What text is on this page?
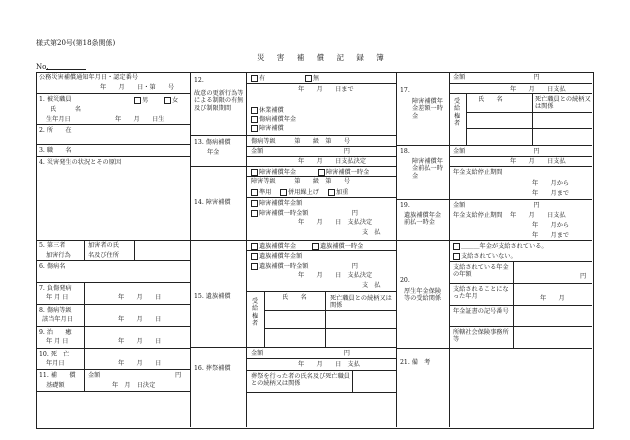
様式第20号(第18条関係)
災 害 補 償 記 録 簿
No.
公務災害補償通知年月日・認定番号
年　　月　　日・第　　号
1. 被災職員
氏　　　名
男	女
生年月日	年　　月　　日生
2. 所　　在
3. 職　　名
4. 災害発生の状況とその原因
5. 第三者
加害行為
加害者の氏
名及び住所
6. 傷病名
7. 負傷発病
年 月 日	年　　月　　日
8. 傷病等級
該当年月日	年　　月　　日
9. 治　　癒
年 月 日	年　　月　　日
10. 死　亡
年月日	年　　月　　日
11. 補　　償
基礎額
金額	円
年　月　日決定
12.
故意の更新行為等による制限の有無及び制限期間
有	無
年　　月　　日まで
休業補償
傷病補償年金
障害補償
13. 傷病補償
年金
傷病等級　　　第　　級　第　　号
金額　　　　　　　　　　　　　円
年　　月　　日支払決定
14. 障害補償
障害補償年金	障害補償一時金
障害等級　　　第　　級　第　　号
準用	併用繰上げ	加重
障害補償年金額
障害補償一時金額　　　　　　　円
年　　月　　日　支払決定
支　払
15. 遺族補償
遺族補償年金	遺族補償一時金
遺族補償年金額
遺族補償一時金額　　　　　　　円
年　　月　　日　支払決定
支　払
受給権者
氏　　名	死亡職員との続柄又は関係
16. 葬祭補償
金額　　　　　　　　　　　　　円
年　　月　　日　支払
葬祭を行った者の氏名及び死亡職員との続柄又は関係
17.
障害補償年金差額一時金
金額　　　　　　　　　　　円
年　　月　　日支払
受給権者
氏　　名	死亡職員との続柄又は関係
18.
障害補償年金前払一時金
金額　　　　　　　　　　　円
年　　月　　日支払
年金支給停止期間
年　　月から
年　　月まで
19.
遺族補償年金前払一時金
金額　　　　　　　　　　　円
年金支給停止期間 年　　月　　日支払
年　　月から
年　　月まで
20.
厚生年金保険等の受給関係
＿＿＿年金が支給されている。
支給されていない。
支給されている年金の年額	円
支給されることになった年月	年　　月
年金証書の記号番号
所轄社会保険事務所等
21. 備　考
